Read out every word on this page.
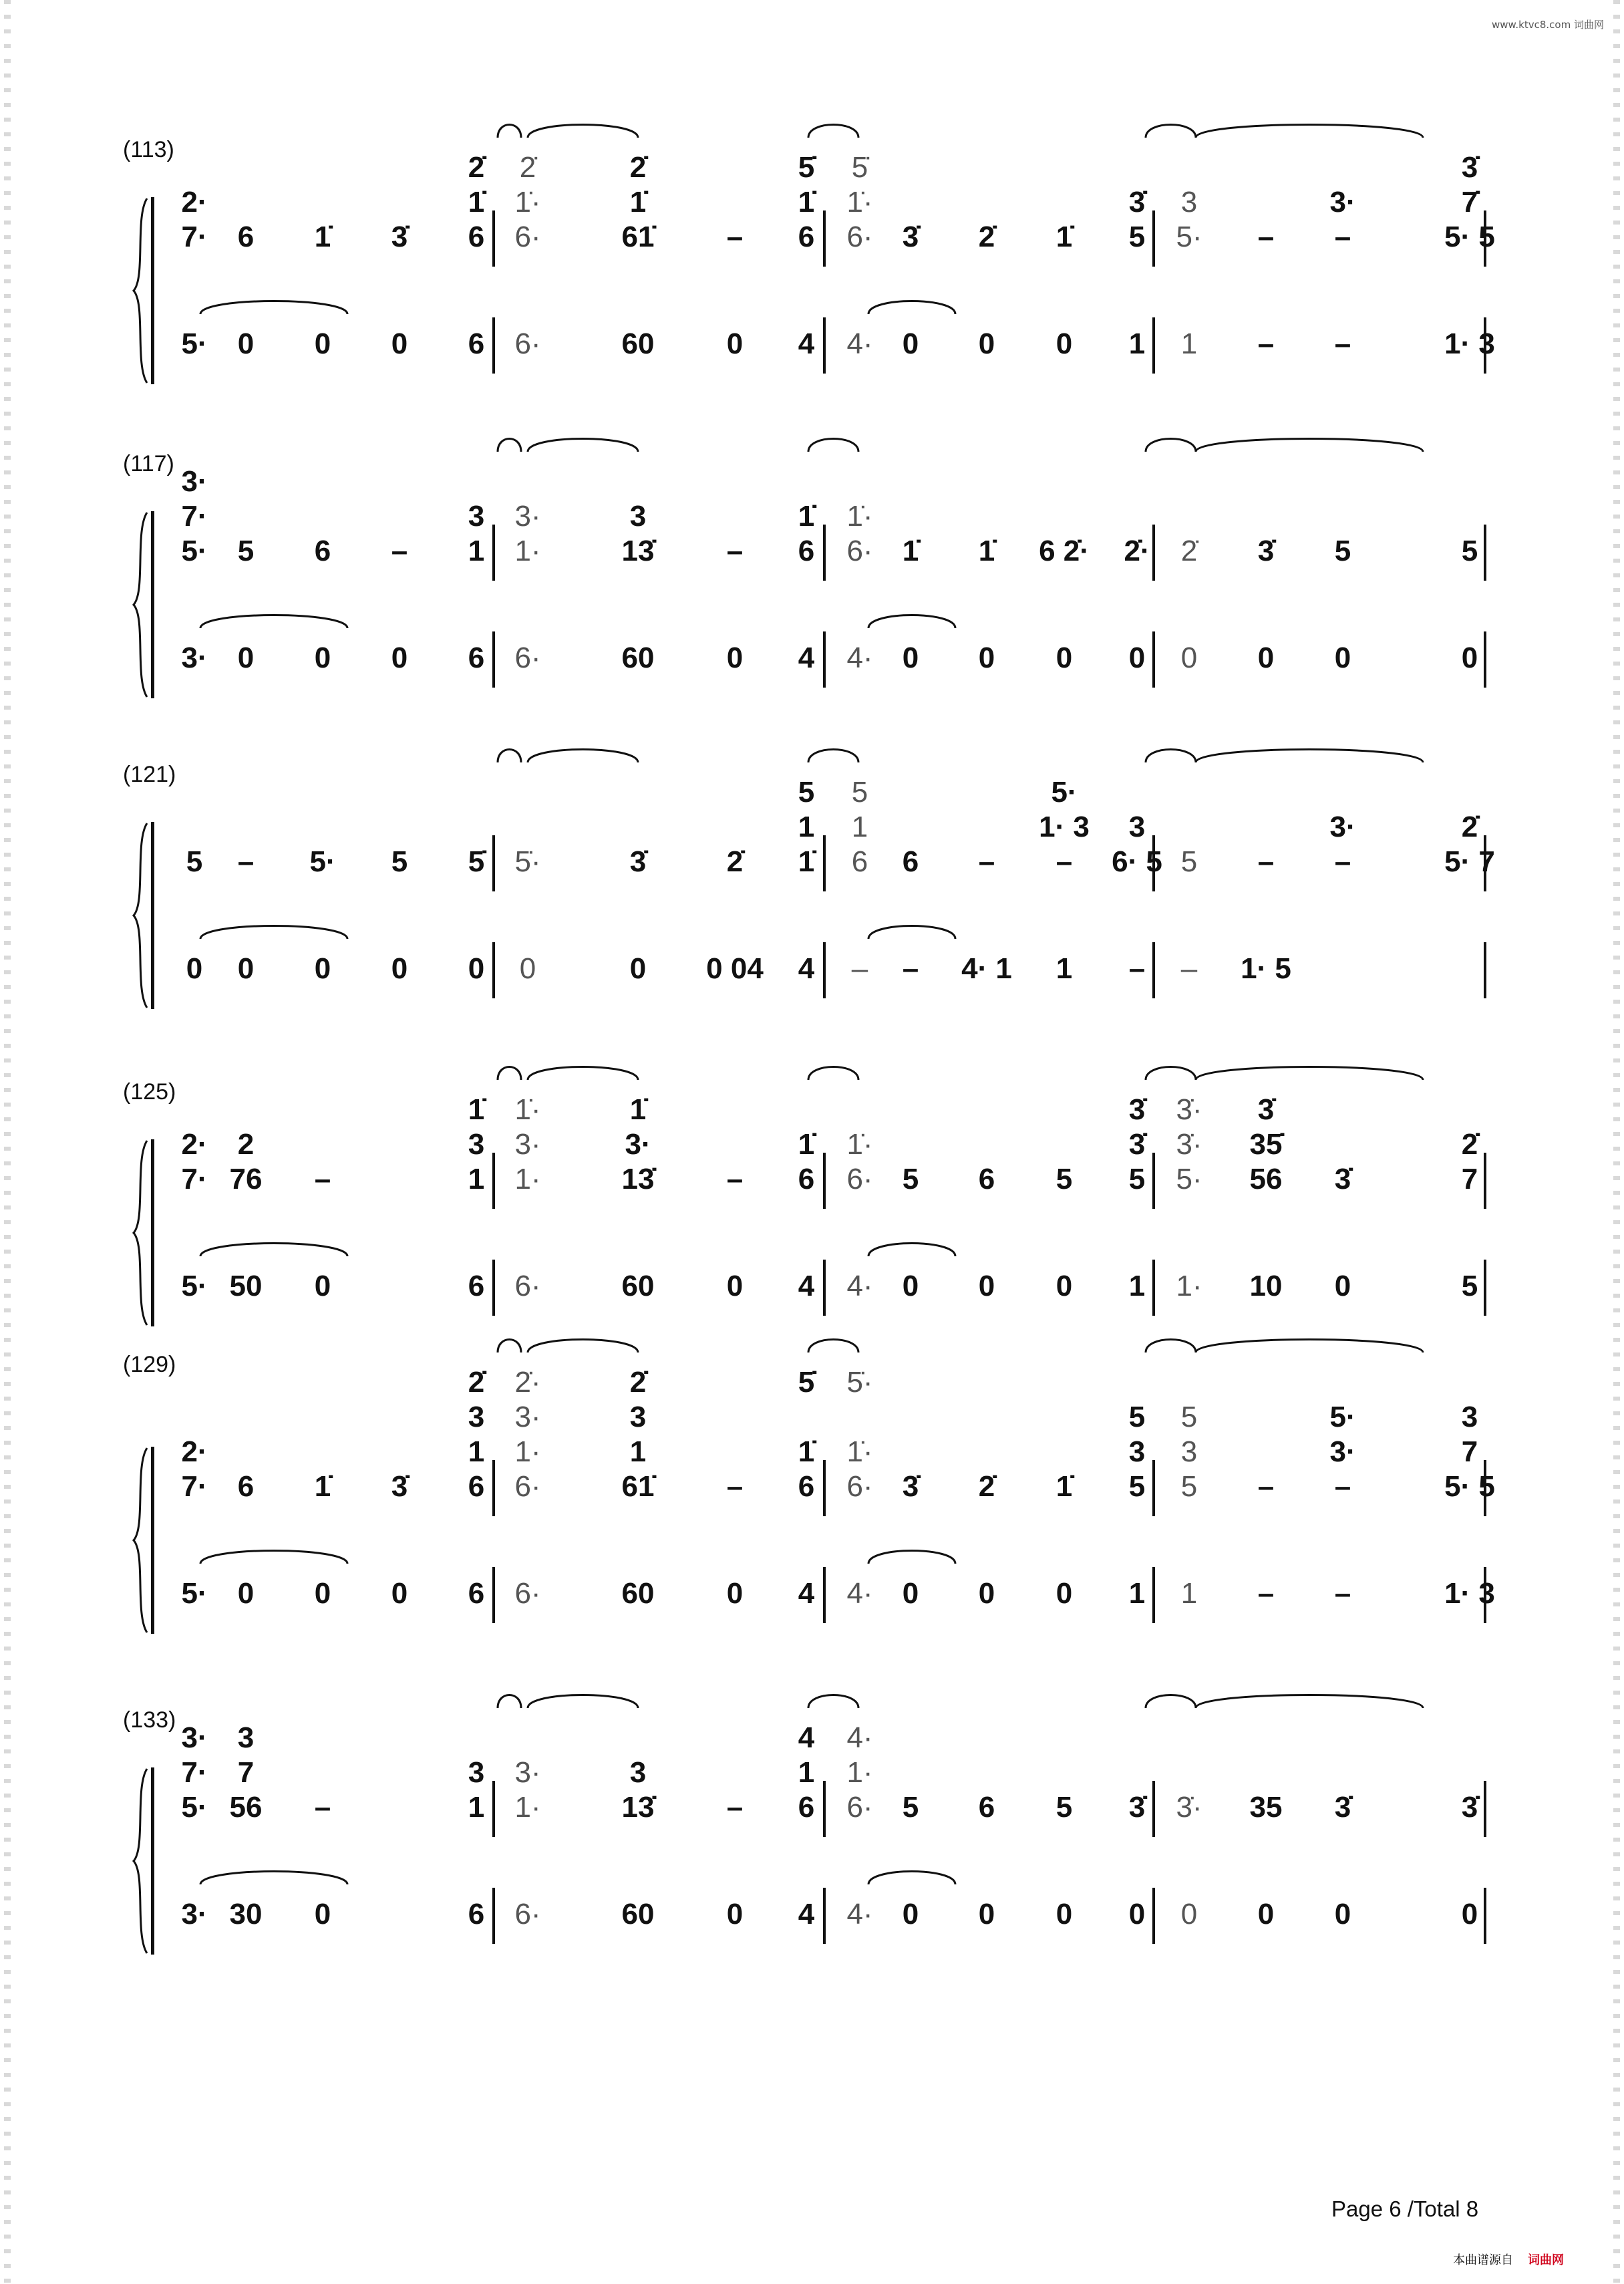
www.ktvc8.com 词曲网
(113)
2̇ 2̇	2̇	5̇ 5̇	3̇
2·	1̇ 1̇·	1̇	1̇ 1̇·	3̇ 3	3·	7̇
7· 6 1̇ 3̇ 6 6·	61̇ – 6 6· 3̇ 2̇ 1̇ 5 5· – –	5· 5
5· 0 0 0 6 6·	60 0 4 4· 0 0 0 1 1 – –	1· 3
(117)
3·
7·	3 3·	3	1̇ 1̇·
5· 5 6 – 1 1·	13̇ – 6 6· 1̇ 1̇ 6 2̇· 2̇· 2̇ 3̇ 5	5
3· 0 0 0 6 6·	60 0 4 4· 0 0 0 0 0 0 0	0
(121)
5 5	5·
1 1	1· 3 3	3·	2̇
5 – 5· 5 5̇ 5̇·	3̇	2̇ 1̇ 6 6 – – 6· 5 5 – –	5· 7
0 0 0 0 0 0	0 0 04 4 – – 4· 1 1 – – 1· 5
(125)
1̇ 1̇·	1̇	3̇ 3̇· 3̇
2· 2	3 3·	3·	1̇ 1̇·	3̇ 3̇· 35̇	2̇
7· 76 –	1 1·	13̇ – 6 6· 5 6 5 5 5· 56 3̇	7
5· 50 0	6 6·	60 0 4 4· 0 0 0 1 1· 10 0	5
(129)
2̇ 2̇·	2̇	5̇ 5̇·
3 3·	3	5 5	5·	3
2·	1 1·	1	1̇ 1̇·	3 3	3·	7
7· 6 1̇ 3̇ 6 6·	61̇ – 6 6· 3̇ 2̇ 1̇ 5 5 – –	5· 5
5· 0 0 0 6 6·	60 0 4 4· 0 0 0 1 1 – –	1· 3
(133)
3· 3	4 4·
7· 7	3 3·	3	1 1·
5· 56 –	1 1·	13̇ – 6 6· 5 6 5 3̇ 3̇· 35 3̇	3̇
3· 30 0	6 6·	60 0 4 4· 0 0 0 0 0 0 0	0
Page 6 /Total 8
本曲谱源自 词曲网
